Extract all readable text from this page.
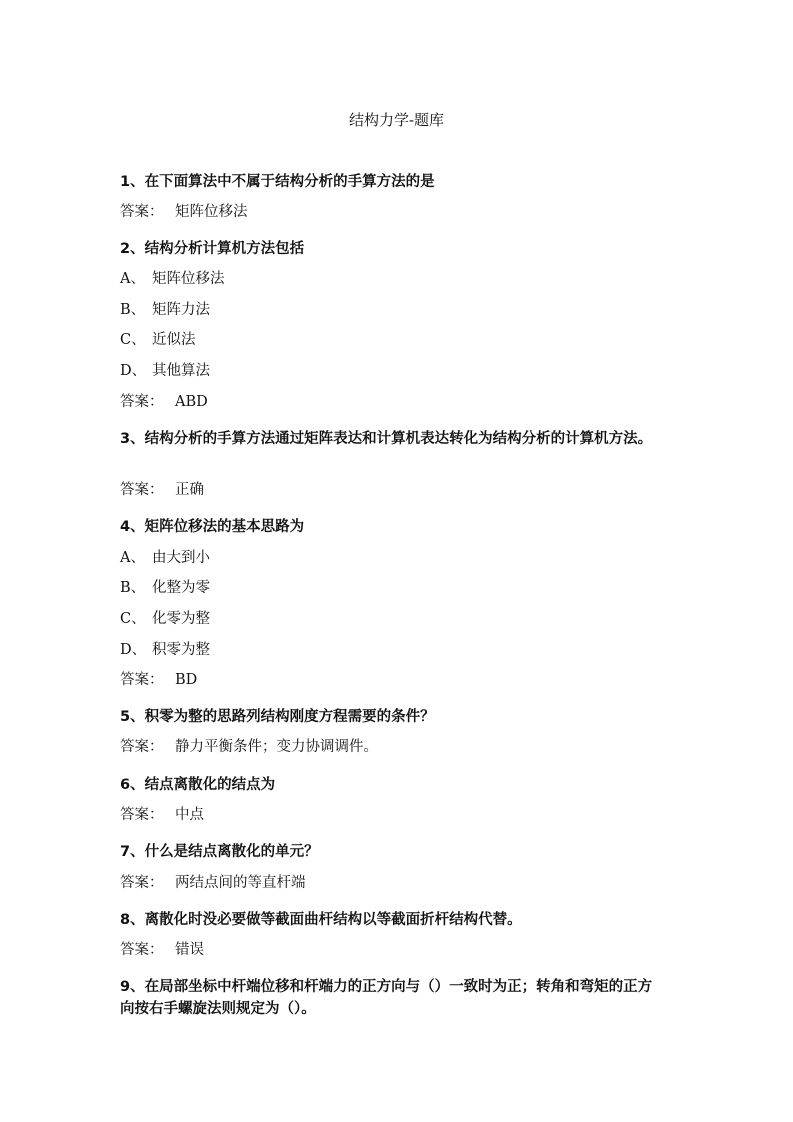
结构力学-题库
1、在下面算法中不属于结构分析的手算方法的是
答案： 矩阵位移法
2、结构分析计算机方法包括
A、 矩阵位移法
B、 矩阵力法
C、 近似法
D、 其他算法
答案： ABD
3、结构分析的手算方法通过矩阵表达和计算机表达转化为结构分析的计算机方法。
答案： 正确
4、矩阵位移法的基本思路为
A、 由大到小
B、 化整为零
C、 化零为整
D、 积零为整
答案： BD
5、积零为整的思路列结构刚度方程需要的条件？
答案： 静力平衡条件；变力协调调件。
6、结点离散化的结点为
答案： 中点
7、什么是结点离散化的单元？
答案： 两结点间的等直杆端
8、离散化时没必要做等截面曲杆结构以等截面折杆结构代替。
答案： 错误
9、在局部坐标中杆端位移和杆端力的正方向与（）一致时为正；转角和弯矩的正方向按右手螺旋法则规定为（）。
